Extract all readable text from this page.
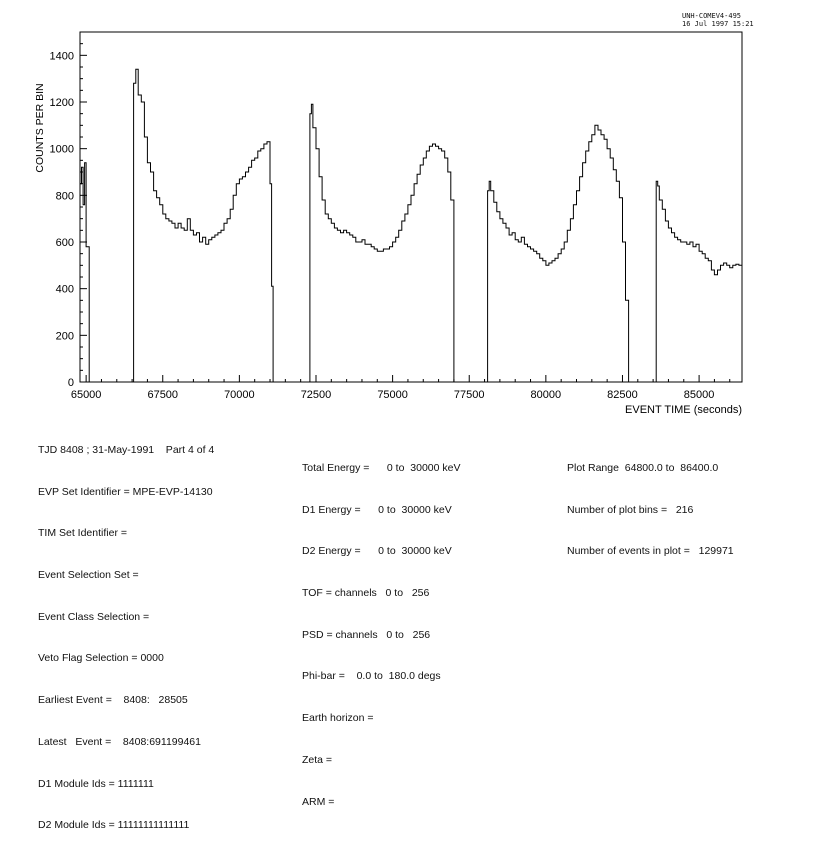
UNH-COMEV4-495
16 Jul 1997 15:21
0
200
400
600
800
1000
1200
1400
65000	67500	70000	72500	75000	77500	80000	82500	85000
EVENT TIME (seconds)
COUNTS PER BIN

TJD 8408 ; 31-May-1991    Part 4 of 4

EVP Set Identifier = MPE-EVP-14130

TIM Set Identifier =

Event Selection Set =

Event Class Selection =

Veto Flag Selection = 0000

Earliest Event =    8408:   28505

Latest   Event =    8408:691199461

D1 Module Ids = 1111111

D2 Module Ids = 11111111111111

Total Energy =      0 to  30000 keV

D1 Energy =      0 to  30000 keV

D2 Energy =      0 to  30000 keV

TOF = channels   0 to   256

PSD = channels   0 to   256

Phi-bar =    0.0 to  180.0 degs

Earth horizon =

Zeta =

ARM =

Plot Range  64800.0 to  86400.0

Number of plot bins =   216

Number of events in plot =   129971
